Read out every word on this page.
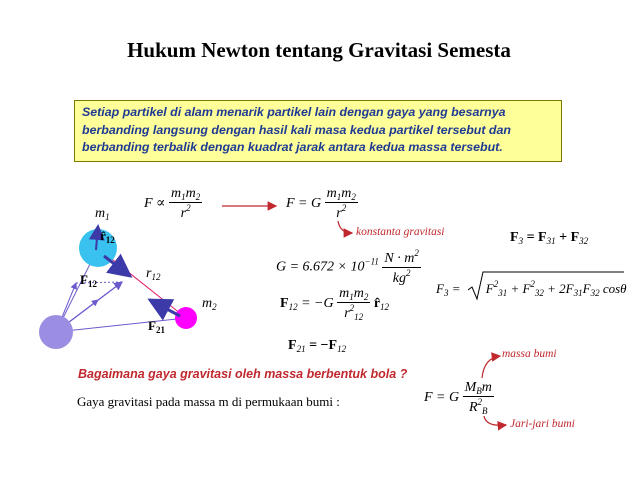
Hukum Newton tentang Gravitasi Semesta
Setiap partikel di alam menarik partikel lain dengan gaya yang besarnya
berbanding langsung dengan hasil kali masa kedua partikel tersebut dan
berbanding terbalik dengan kuadrat jarak antara kedua massa tersebut.
$m_1$
$r̂_{12}$
$F_{12}$
$r_{12}$
$m_2$
$F_{21}$
$F \propto \frac{m_1m_2}{r^2}$	F = G $\frac{m_1m_2}{r^2}$
konstanta gravitasi
$G = 6.672 \times 10^{-11} \frac{N \cdot m^2}{kg^2}$
$F_{12} = -G \frac{m_1m_2}{r^2_{12}}$ $r̂_{12}$
$F_{21} = -F_{12}$
$F_3 = F_{31} + F_{32}$
$F_3 = F^2_{31} + F^2_{32} + 2F_{31}F_{32}$ cosθ
Bagaimana gaya gravitasi oleh massa berbentuk bola ?
Gaya gravitasi pada massa m di permukaan bumi :	F = G $\frac{M_Bm}{R^2_B}$
massa bumi
Jari-jari bumi
